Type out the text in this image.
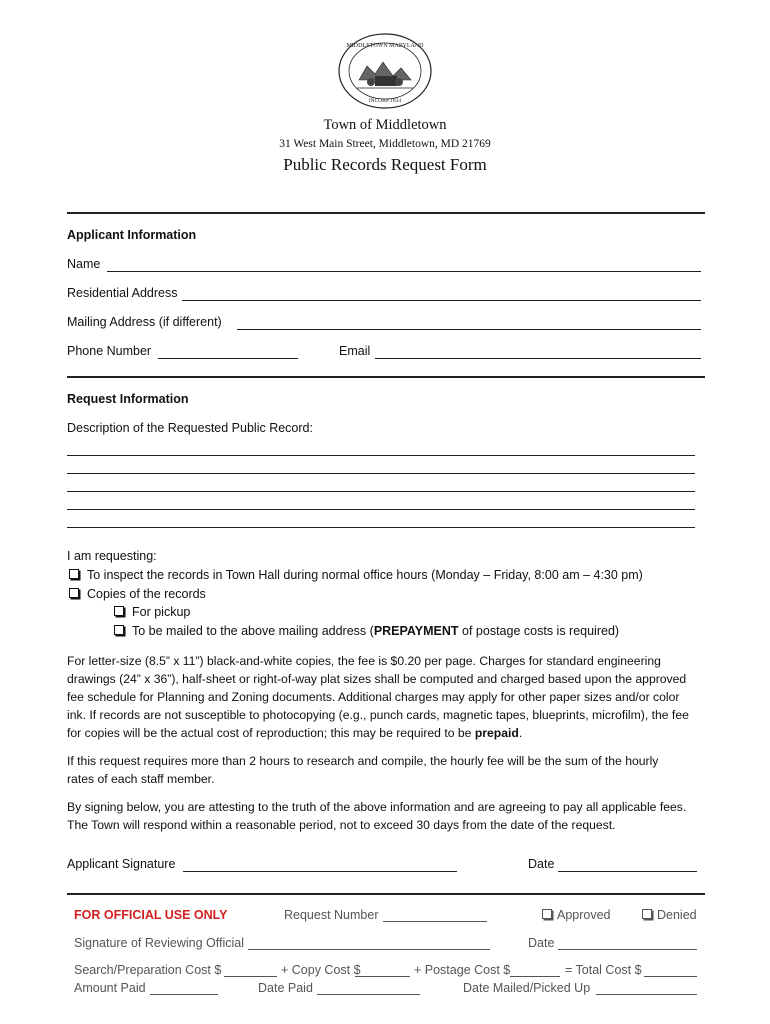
MIDDLETOWN MARYLAND
INCORP 1834
Town of Middletown
31 West Main Street, Middletown, MD 21769
Public Records Request Form
Applicant Information
Name
Residential Address
Mailing Address (if different)
Phone Number	Email
Request Information
Description of the Requested Public Record:
I am requesting:
To inspect the records in Town Hall during normal office hours (Monday – Friday, 8:00 am – 4:30 pm)
Copies of the records
For pickup
To be mailed to the above mailing address (PREPAYMENT of postage costs is required)
For letter-size (8.5” x 11”) black-and-white copies, the fee is $0.20 per page. Charges for standard engineering
drawings (24” x 36”), half-sheet or right-of-way plat sizes shall be computed and charged based upon the approved
fee schedule for Planning and Zoning documents. Additional charges may apply for other paper sizes and/or color
ink. If records are not susceptible to photocopying (e.g., punch cards, magnetic tapes, blueprints, microfilm), the fee
for copies will be the actual cost of reproduction; this may be required to be prepaid.
If this request requires more than 2 hours to research and compile, the hourly fee will be the sum of the hourly
rates of each staff member.
By signing below, you are attesting to the truth of the above information and are agreeing to pay all applicable fees.
The Town will respond within a reasonable period, not to exceed 30 days from the date of the request.
Applicant Signature	Date
FOR OFFICIAL USE ONLY	Request Number	Approved	Denied
Signature of Reviewing Official	Date
Search/Preparation Cost $	+ Copy Cost $	+ Postage Cost $	= Total Cost $
Amount Paid	Date Paid	Date Mailed/Picked Up
